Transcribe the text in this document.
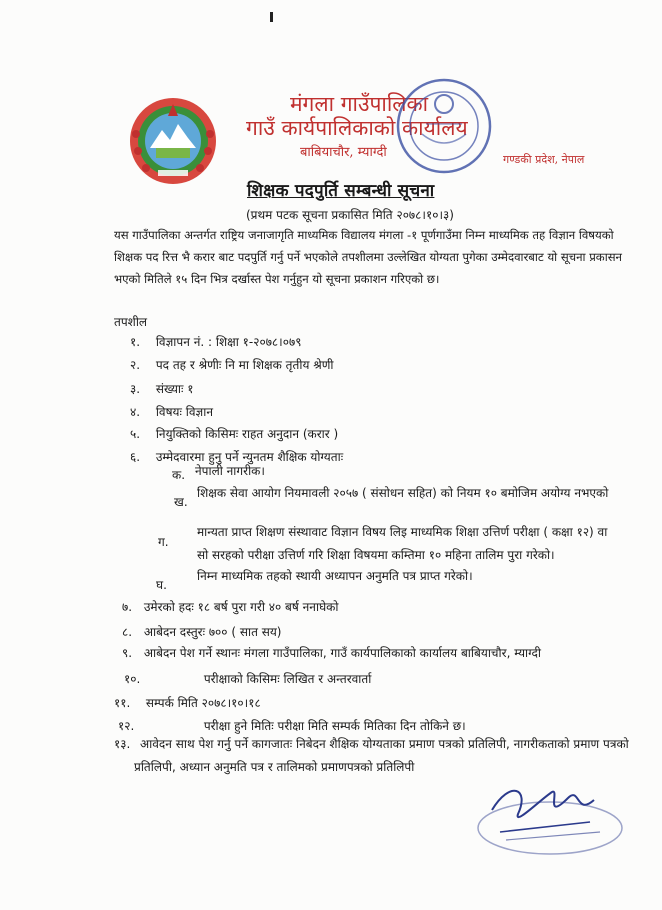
मंगला गाउँपालिका
गाउँ कार्यपालिकाको कार्यालय
बाबियाचौर, म्याग्दी	गण्डकी प्रदेश, नेपाल
शिक्षक पदपुर्ति सम्बन्धी सूचना
(प्रथम पटक सूचना प्रकासित मिति २०७८।१०।३)
यस गाउँपालिका अन्तर्गत राष्ट्रिय जनाजागृति माध्यमिक विद्यालय मंगला -१ पूर्णगाउँमा निम्न माध्यमिक तह विज्ञान विषयको शिक्षक पद रित्त भै करार बाट पदपुर्ति गर्नु पर्ने भएकोले तपशीलमा उल्लेखित योग्यता पुगेका उम्मेदवारबाट यो सूचना प्रकासन भएको मितिले १५ दिन भित्र दर्खास्त पेश गर्नुहुन यो सूचना प्रकाशन गरिएको छ।
तपशील
१. विज्ञापन नं. : शिक्षा १-२०७८।०७९
२. पद तह र श्रेणीः नि मा शिक्षक तृतीय श्रेणी
३. संख्याः १
४. विषयः विज्ञान
५. नियुक्तिको किसिमः राहत अनुदान (करार )
६. उम्मेदवारमा हुनु पर्ने न्युनतम शैक्षिक योग्यताः
क. नेपाली नागरीक।
ख.
शिक्षक सेवा आयोग नियमावली २०५७ ( संसोधन सहित) को नियम १० बमोजिम अयोग्य नभएको
ग.
मान्यता प्राप्त शिक्षण संस्थावाट विज्ञान विषय लिइ माध्यमिक शिक्षा उत्तिर्ण परीक्षा ( कक्षा १२) वा सो सरहको परीक्षा उत्तिर्ण गरि शिक्षा विषयमा कम्तिमा १० महिना तालिम पुरा गरेको।
घ.
निम्न माध्यमिक तहको स्थायी अध्यापन अनुमति पत्र प्राप्त गरेको।
७. उमेरको हदः १८ बर्ष पुरा गरी ४० बर्ष ननाघेको
८. आबेदन दस्तुरः ७०० ( सात सय)
९. आबेदन पेश गर्ने स्थानः मंगला गाउँपालिका, गाउँ कार्यपालिकाको कार्यालय बाबियाचौर, म्याग्दी
१०.	परीक्षाको किसिमः लिखित र अन्तरवार्ता
११. सम्पर्क मिति २०७८।१०।१८
१२.	परीक्षा हुने मितिः परीक्षा मिति सम्पर्क मितिका दिन तोकिने छ।
१३. आवेदन साथ पेश गर्नु पर्ने कागजातः निबेदन शैक्षिक योग्यताका प्रमाण पत्रको प्रतिलिपी, नागरीकताको प्रमाण पत्रको प्रतिलिपी, अध्यान अनुमति पत्र र तालिमको प्रमाणपत्रको प्रतिलिपी
